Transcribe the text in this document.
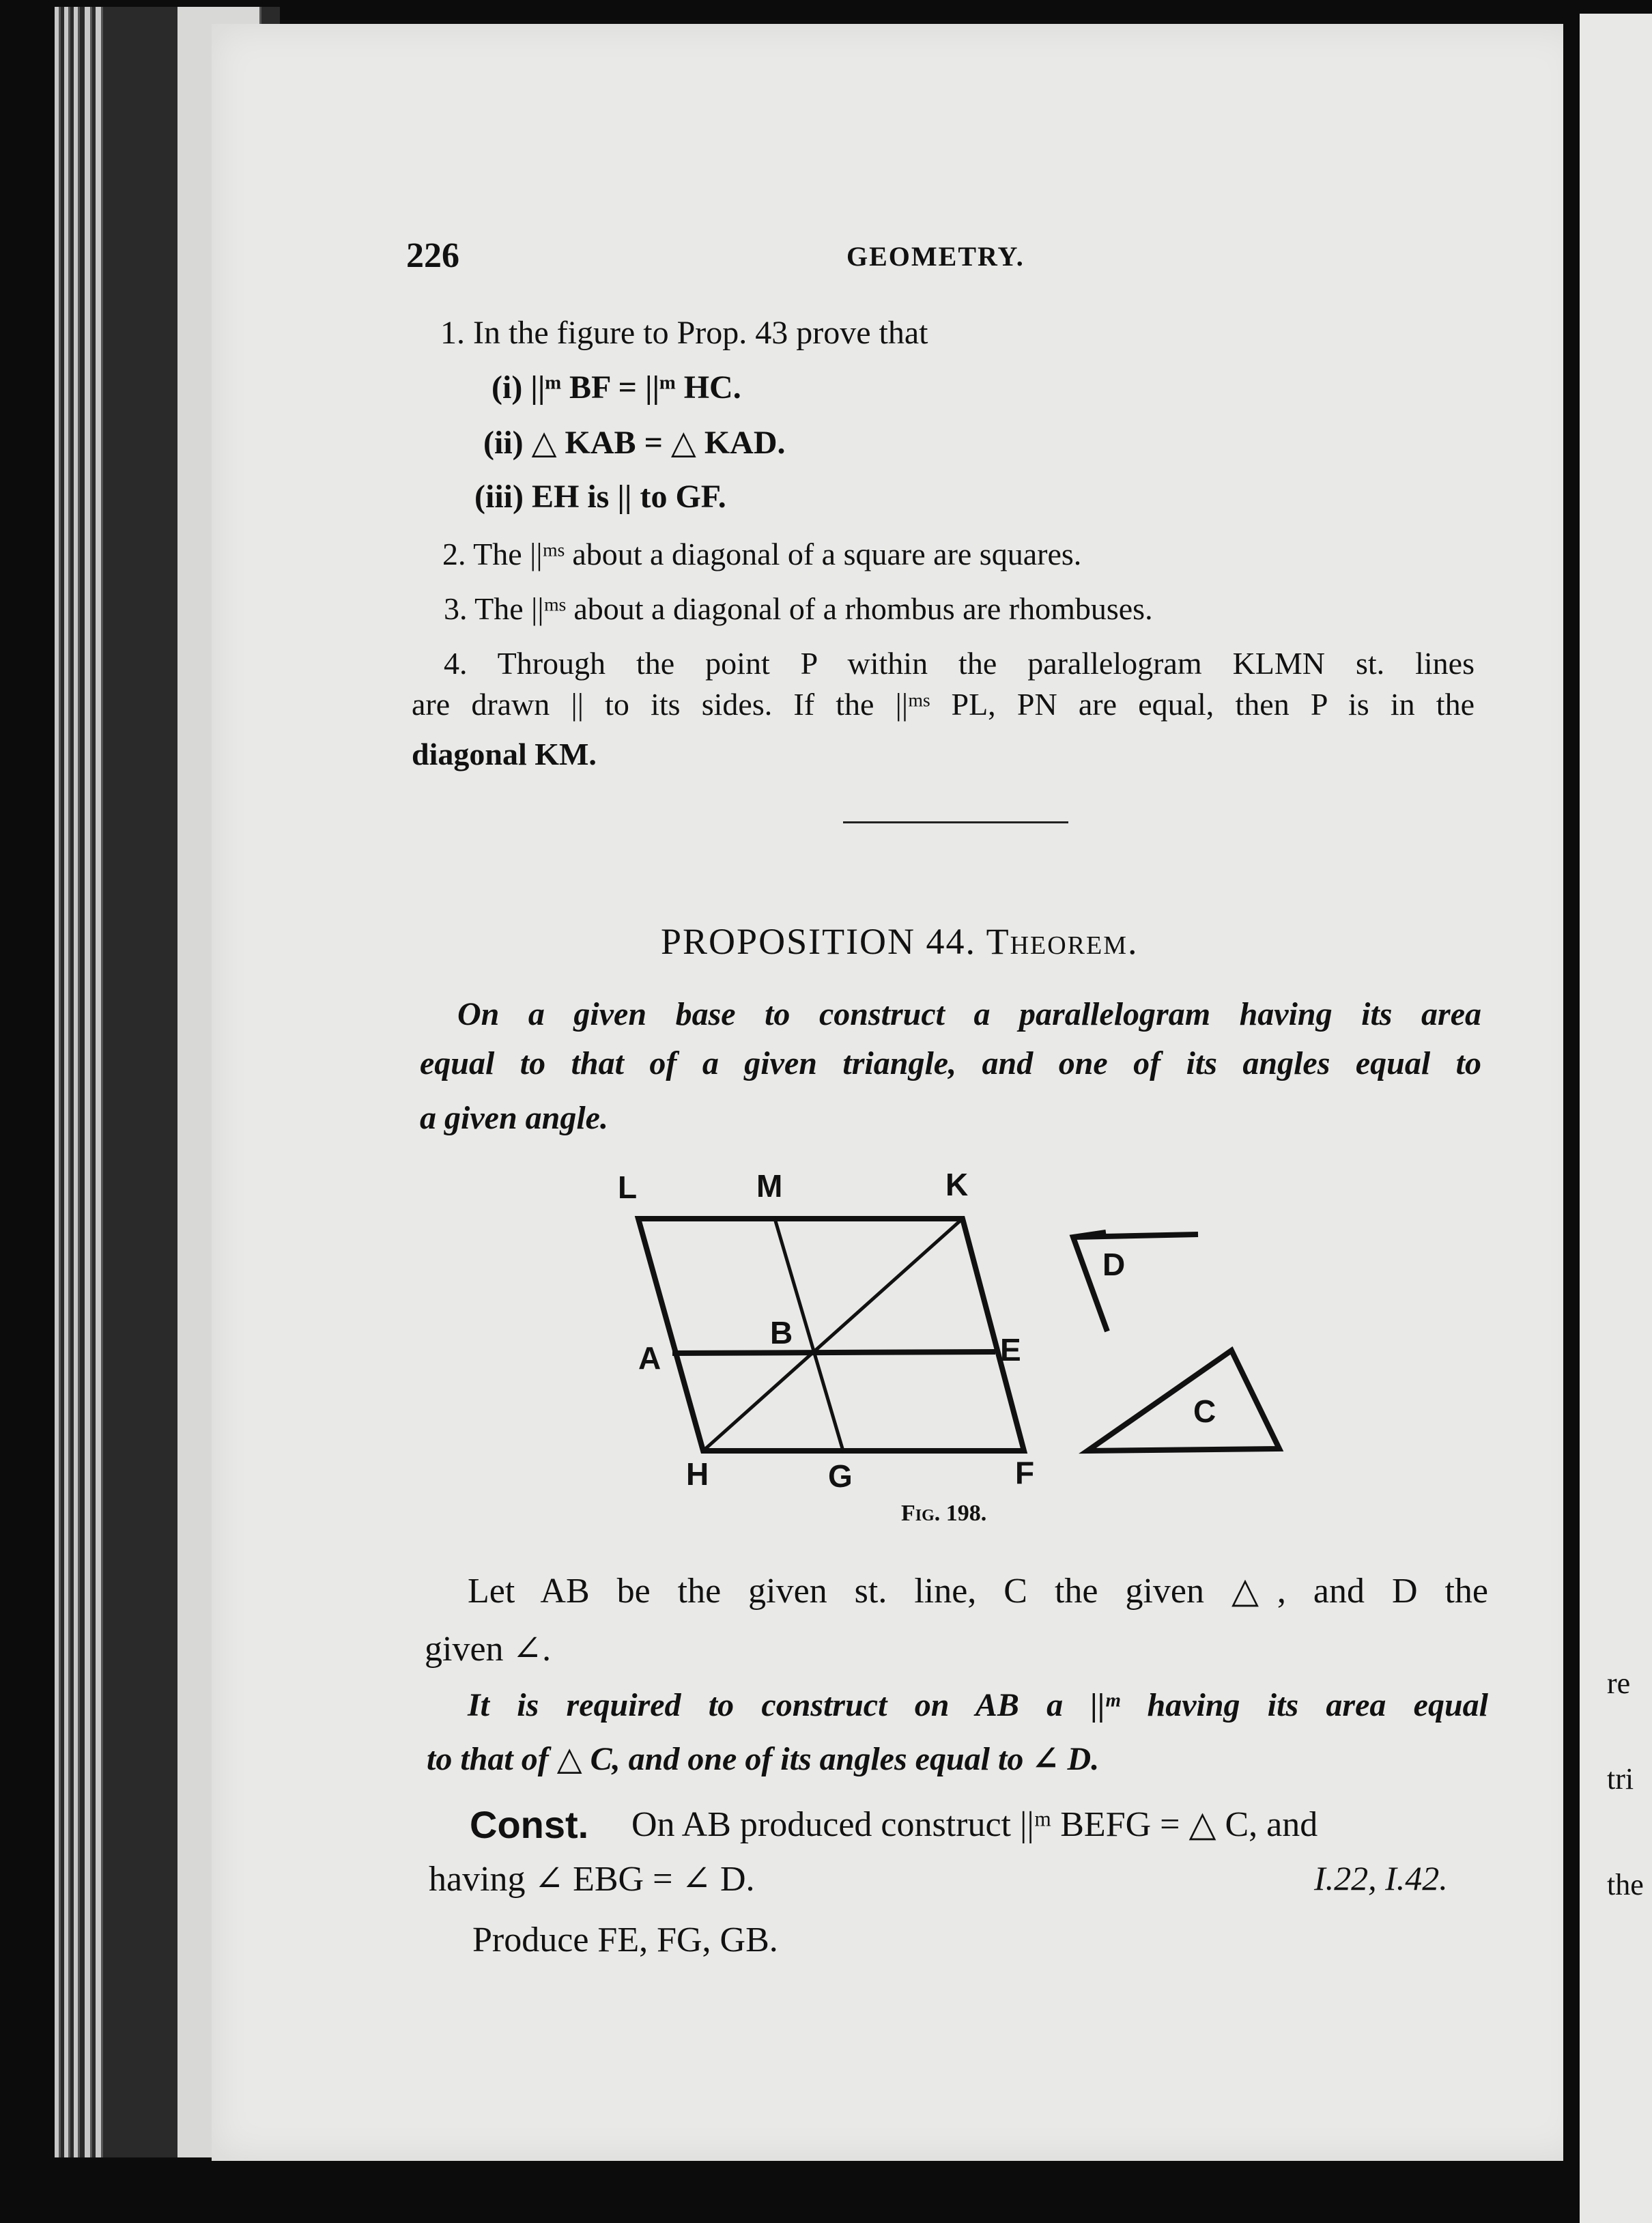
re
tri
the
226	GEOMETRY.
1. In the figure to Prop. 43 prove that
(i) ||ᵐ BF = ||ᵐ HC.
(ii) △ KAB = △ KAD.
(iii) EH is || to GF.
2. The ||ᵐˢ about a diagonal of a square are squares.
3. The ||ᵐˢ about a diagonal of a rhombus are rhombuses.
4. Through the point P within the parallelogram KLMN st. lines
are drawn || to its sides. If the ||ᵐˢ PL, PN are equal, then P is in the
diagonal KM.
PROPOSITION 44. Theorem.
On a given base to construct a parallelogram having its area
equal to that of a given triangle, and one of its angles equal to
a given angle.
L	M	K
A
B	E
H	G	F
D
C
Fig. 198.
Let AB be the given st. line, C the given △, and D the
given ∠.
It is required to construct on AB a ||ᵐ having its area equal
to that of △ C, and one of its angles equal to ∠ D.
Const. On AB produced construct ||ᵐ BEFG = △ C, and
having ∠ EBG = ∠ D.	I.22, I.42.
Produce FE, FG, GB.
